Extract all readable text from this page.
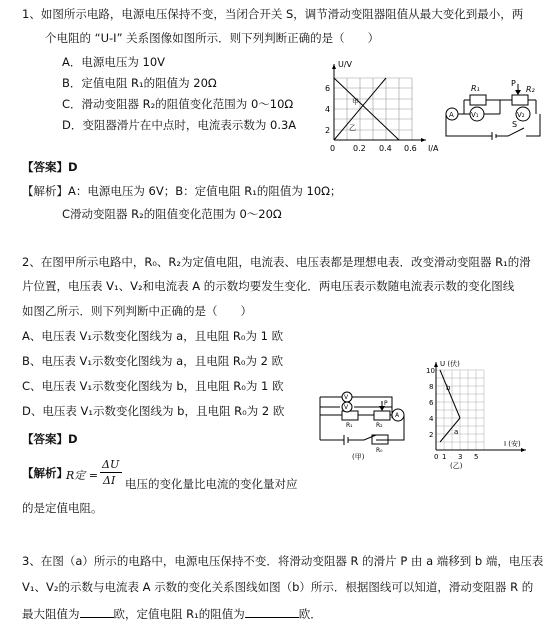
1、如图所示电路，电源电压保持不变，当闭合开关 S，调节滑动变阻器阻值从最大变化到最小，两
个电阻的 “U-I” 关系图像如图所示．则下列判断正确的是（　　）
A．电源电压为 10V
B．定值电阻 R₁的阻值为 20Ω
C．滑动变阻器 R₂的阻值变化范围为 0～10Ω
D．变阻器滑片在中点时，电流表示数为 0.3A
U/V
I/A
6
4
2
0 0.2 0.4 0.6
甲
乙
R₁
P
R₂
V₁	V₂
A
S
【答案】D
【解析】A：电源电压为 6V；B：定值电阻 R₁的阻值为 10Ω；
C滑动变阻器 R₂的阻值变化范围为 0～20Ω
2、在图甲所示电路中，R₀、R₂为定值电阻，电流表、电压表都是理想电表．改变滑动变阻器 R₁的滑
片位置，电压表 V₁、V₂和电流表 A 的示数均要发生变化．两电压表示数随电流表示数的变化图线
如图乙所示．则下列判断中正确的是（　　）
A、电压表 V₁示数变化图线为 a，且电阻 R₀为 1 欧
B、电压表 V₁示数变化图线为 a，且电阻 R₀为 2 欧
C、电压表 V₁示数变化图线为 b，且电阻 R₀为 1 欧
D、电压表 V₁示数变化图线为 b，且电阻 R₀为 2 欧
V
V
R₁
P
R₂
A
R₀
(甲)
U (伏)
I (安)
10
8
6
4
2
0 1 3 5
b
a
(乙)
【答案】D
【解析】
R定 =
ΔU
ΔI 电压的变化量比电流的变化量对应
的是定值电阻。
3、在图（a）所示的电路中，电源电压保持不变．将滑动变阻器 R 的滑片 P 由 a 端移到 b 端，电压表
V₁、V₂的示数与电流表 A 示数的变化关系图线如图（b）所示．根据图线可以知道，滑动变阻器 R 的
最大阻值为	欧，定值电阻 R₁的阻值为	欧．
